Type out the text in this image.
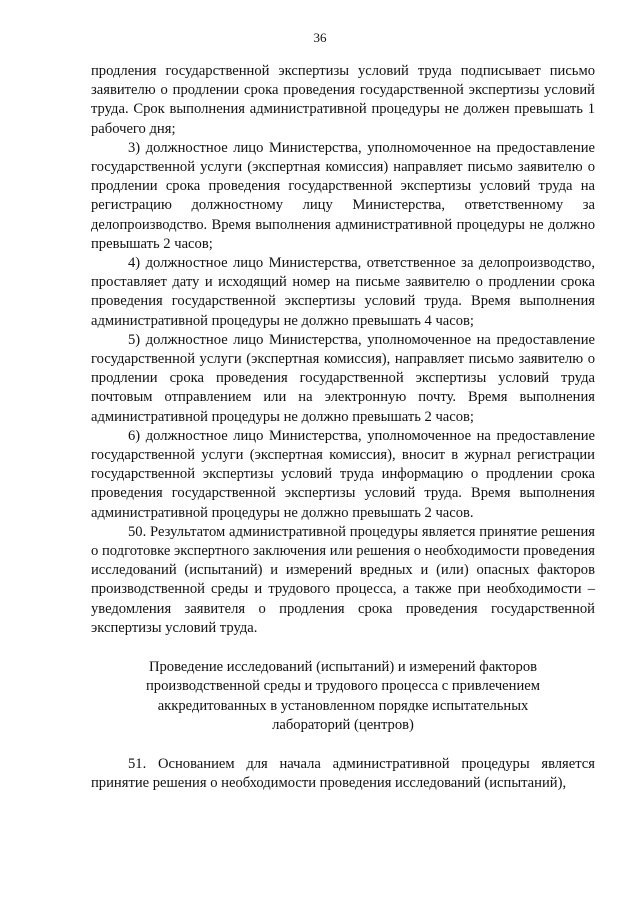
36

продления государственной экспертизы условий труда подписывает письмо заявителю о продлении срока проведения государственной экспертизы условий труда. Срок выполнения административной процедуры не должен превышать 1 рабочего дня;

3) должностное лицо Министерства, уполномоченное на предоставление государственной услуги (экспертная комиссия) направляет письмо заявителю о продлении срока проведения государственной экспертизы условий труда на регистрацию должностному лицу Министерства, ответственному за делопроизводство. Время выполнения административной процедуры не должно превышать 2 часов;

4) должностное лицо Министерства, ответственное за делопроизводство, проставляет дату и исходящий номер на письме заявителю о продлении срока проведения государственной экспертизы условий труда. Время выполнения административной процедуры не должно превышать 4 часов;

5) должностное лицо Министерства, уполномоченное на предоставление государственной услуги (экспертная комиссия), направляет письмо заявителю о продлении срока проведения государственной экспертизы условий труда почтовым отправлением или на электронную почту. Время выполнения административной процедуры не должно превышать 2 часов;

6) должностное лицо Министерства, уполномоченное на предоставление государственной услуги (экспертная комиссия), вносит в журнал регистрации государственной экспертизы условий труда информацию о продлении срока проведения государственной экспертизы условий труда. Время выполнения административной процедуры не должно превышать 2 часов.

50. Результатом административной процедуры является принятие решения о подготовке экспертного заключения или решения о необходимости проведения исследований (испытаний) и измерений вредных и (или) опасных факторов производственной среды и трудового процесса, а также при необходимости – уведомления заявителя о продления срока проведения государственной экспертизы условий труда.

Проведение исследований (испытаний) и измерений факторов производственной среды и трудового процесса с привлечением аккредитованных в установленном порядке испытательных лабораторий (центров)

51. Основанием для начала административной процедуры является принятие решения о необходимости проведения исследований (испытаний),
